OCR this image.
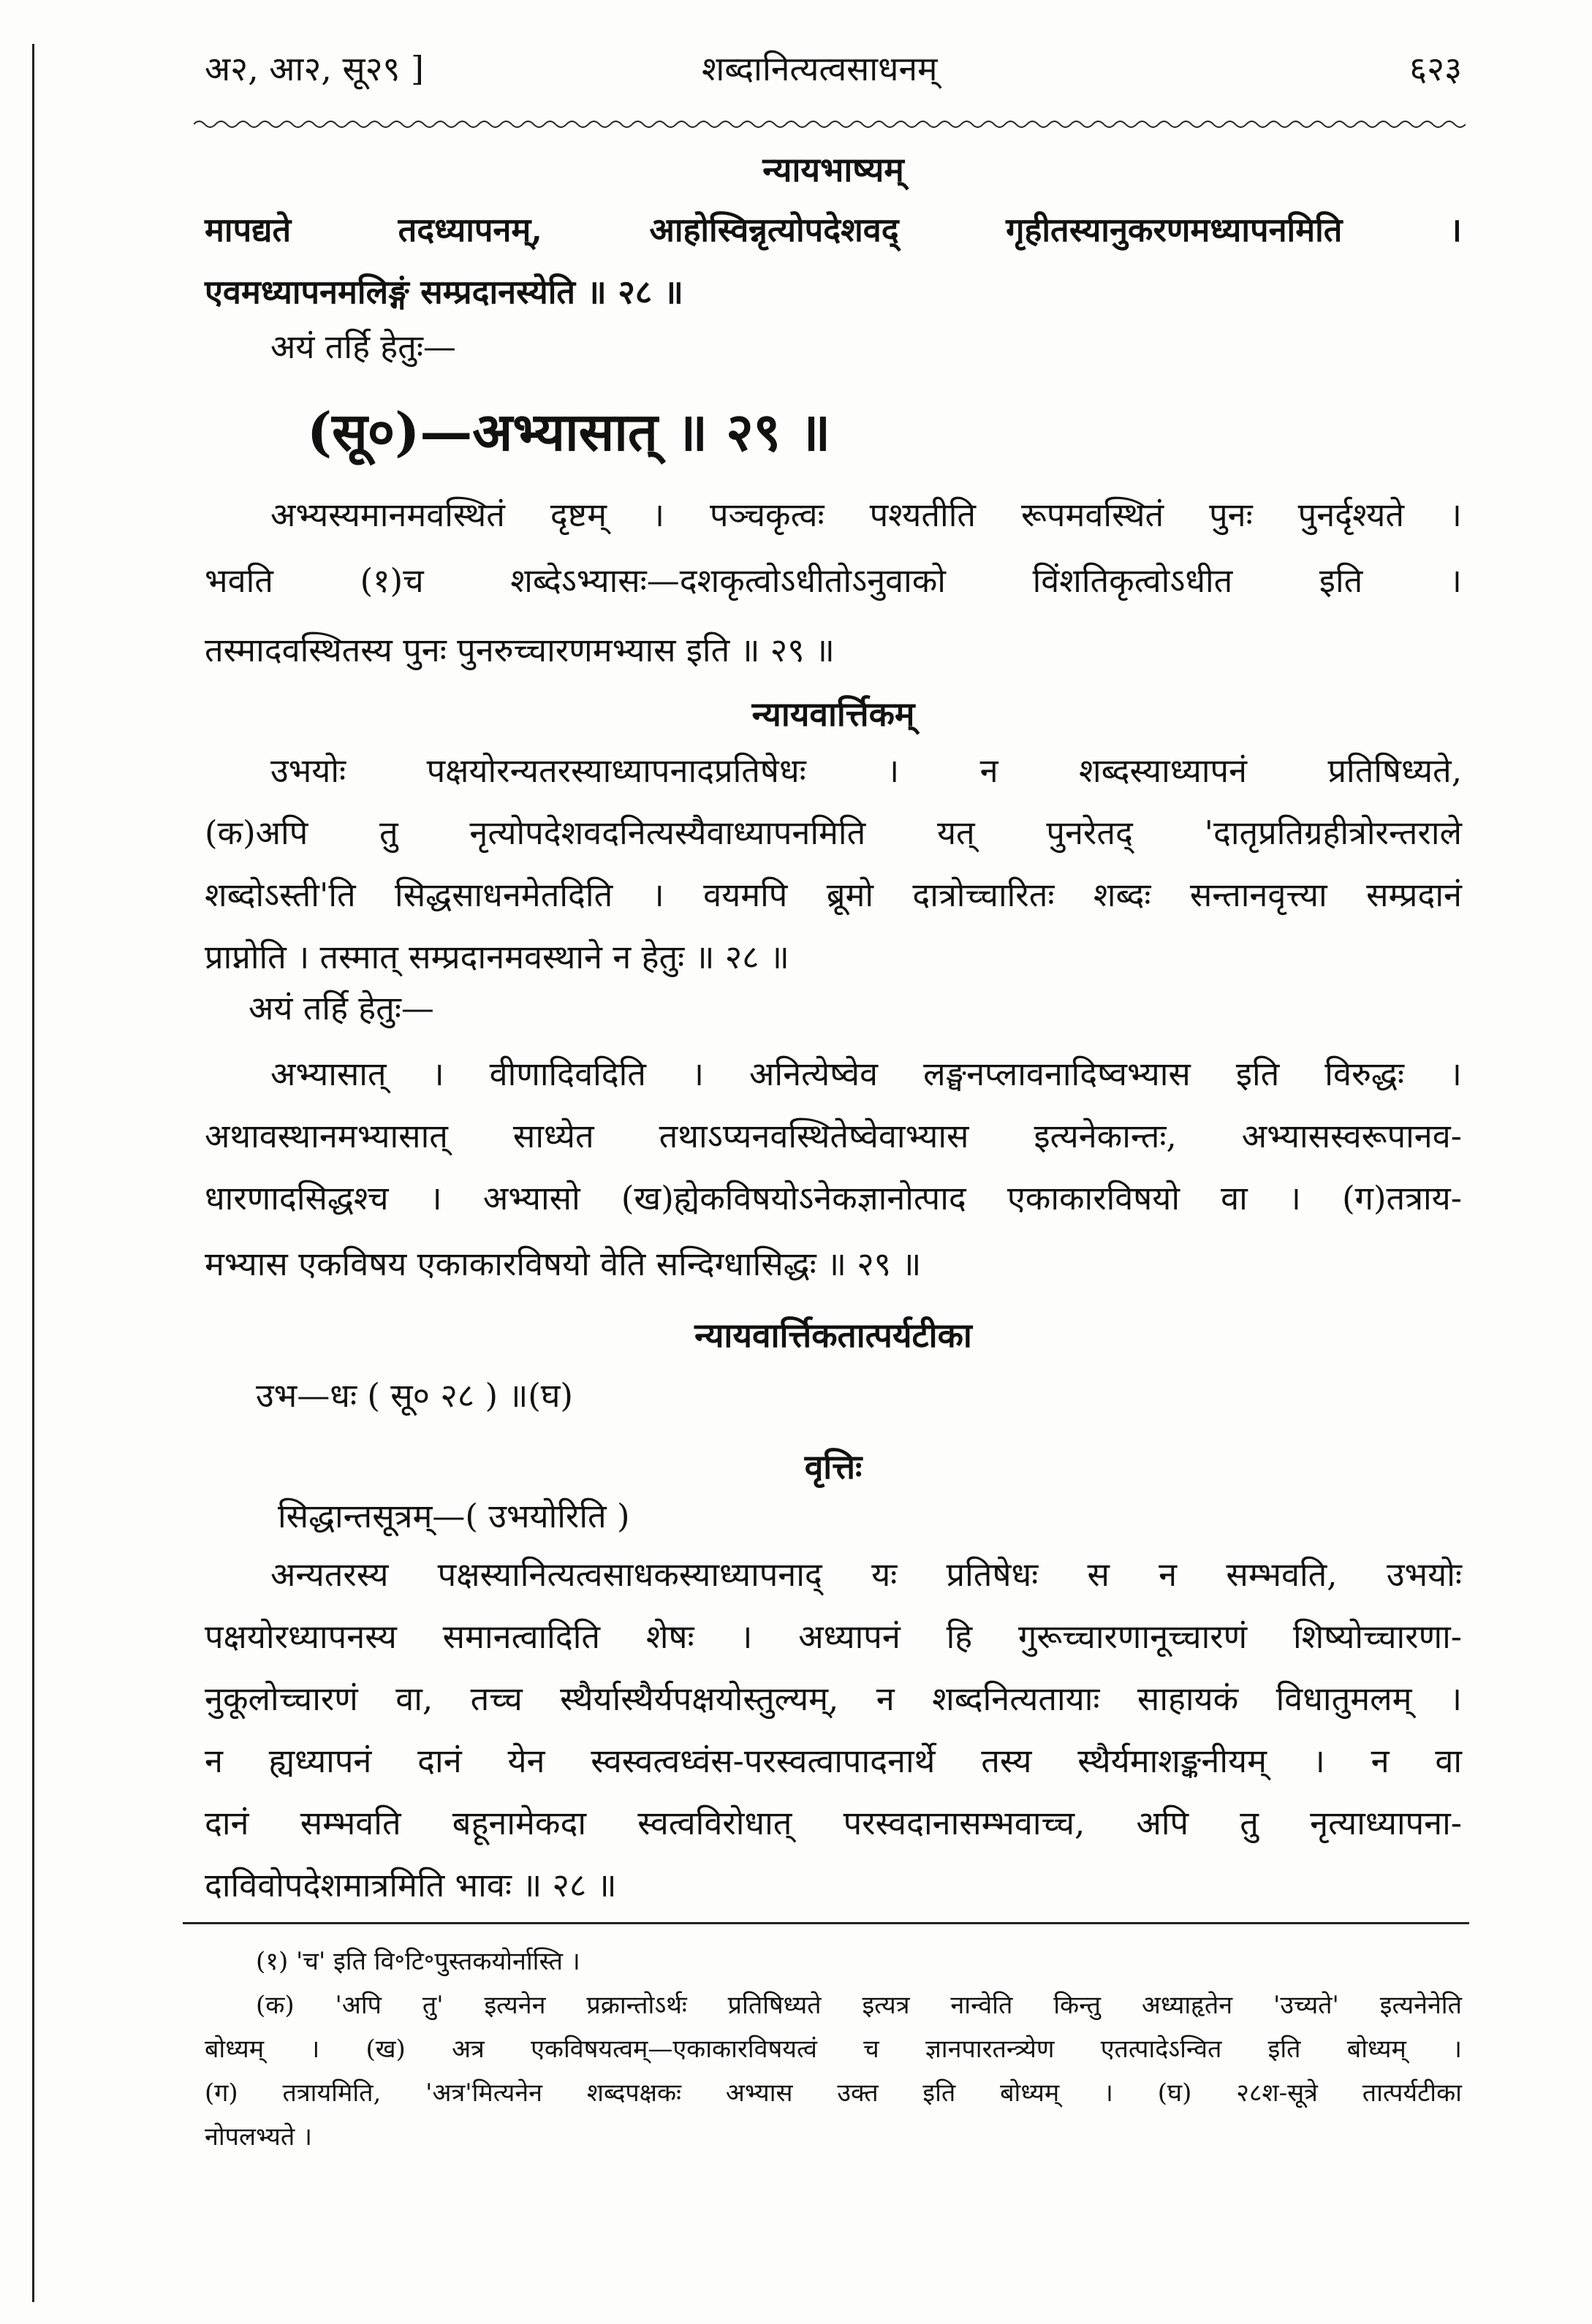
अ२, आ२, सू२९ ]	शब्दानित्यत्वसाधनम्	६२३
न्यायभाष्यम्
मापद्यते तदध्यापनम्, आहोस्विन्नृत्योपदेशवद् गृहीतस्यानुकरणमध्यापनमिति ।
एवमध्यापनमलिङ्गं सम्प्रदानस्येति ॥ २८ ॥
अयं तर्हि हेतुः—
(सू०)—अभ्यासात् ॥ २९ ॥
अभ्यस्यमानमवस्थितं दृष्टम् । पञ्चकृत्वः पश्यतीति रूपमवस्थितं पुनः पुनर्दृश्यते ।
भवति (१)च शब्देऽभ्यासः—दशकृत्वोऽधीतोऽनुवाको विंशतिकृत्वोऽधीत इति ।
तस्मादवस्थितस्य पुनः पुनरुच्चारणमभ्यास इति ॥ २९ ॥
न्यायवार्त्तिकम्
उभयोः पक्षयोरन्यतरस्याध्यापनादप्रतिषेधः । न शब्दस्याध्यापनं प्रतिषिध्यते,
(क)अपि तु नृत्योपदेशवदनित्यस्यैवाध्यापनमिति यत् पुनरेतद् 'दातृप्रतिग्रहीत्रोरन्तराले
शब्दोऽस्ती'ति सिद्धसाधनमेतदिति । वयमपि ब्रूमो दात्रोच्चारितः शब्दः सन्तानवृत्त्या सम्प्रदानं
प्राप्नोति । तस्मात् सम्प्रदानमवस्थाने न हेतुः ॥ २८ ॥
अयं तर्हि हेतुः—
अभ्यासात् । वीणादिवदिति । अनित्येष्वेव लङ्घनप्लावनादिष्वभ्यास इति विरुद्धः ।
अथावस्थानमभ्यासात् साध्येत तथाऽप्यनवस्थितेष्वेवाभ्यास इत्यनेकान्तः, अभ्यासस्वरूपानव-
धारणादसिद्धश्च । अभ्यासो (ख)ह्येकविषयोऽनेकज्ञानोत्पाद एकाकारविषयो वा । (ग)तत्राय-
मभ्यास एकविषय एकाकारविषयो वेति सन्दिग्धासिद्धः ॥ २९ ॥
न्यायवार्त्तिकतात्पर्यटीका
उभ—धः ( सू० २८ ) ॥(घ)
वृत्तिः
सिद्धान्तसूत्रम्—( उभयोरिति )
अन्यतरस्य पक्षस्यानित्यत्वसाधकस्याध्यापनाद् यः प्रतिषेधः स न सम्भवति, उभयोः
पक्षयोरध्यापनस्य समानत्वादिति शेषः । अध्यापनं हि गुरूच्चारणानूच्चारणं शिष्योच्चारणा-
नुकूलोच्चारणं वा, तच्च स्थैर्यास्थैर्यपक्षयोस्तुल्यम्, न शब्दनित्यतायाः साहायकं विधातुमलम् ।
न ह्यध्यापनं दानं येन स्वस्वत्वध्वंस-परस्वत्वापादनार्थे तस्य स्थैर्यमाशङ्कनीयम् । न वा
दानं सम्भवति बहूनामेकदा स्वत्वविरोधात् परस्वदानासम्भवाच्च, अपि तु नृत्याध्यापना-
दाविवोपदेशमात्रमिति भावः ॥ २८ ॥
(१) 'च' इति वि॰टि॰पुस्तकयोर्नास्ति ।
(क) 'अपि तु' इत्यनेन प्रक्रान्तोऽर्थः प्रतिषिध्यते इत्यत्र नान्वेति किन्तु अध्याहृतेन 'उच्यते' इत्यनेनेति
बोध्यम् । (ख) अत्र एकविषयत्वम्—एकाकारविषयत्वं च ज्ञानपारतन्त्र्येण एतत्पादेऽन्वित इति बोध्यम् ।
(ग) तत्रायमिति, 'अत्र'मित्यनेन शब्दपक्षकः अभ्यास उक्त इति बोध्यम् । (घ) २८श-सूत्रे तात्पर्यटीका
नोपलभ्यते ।
